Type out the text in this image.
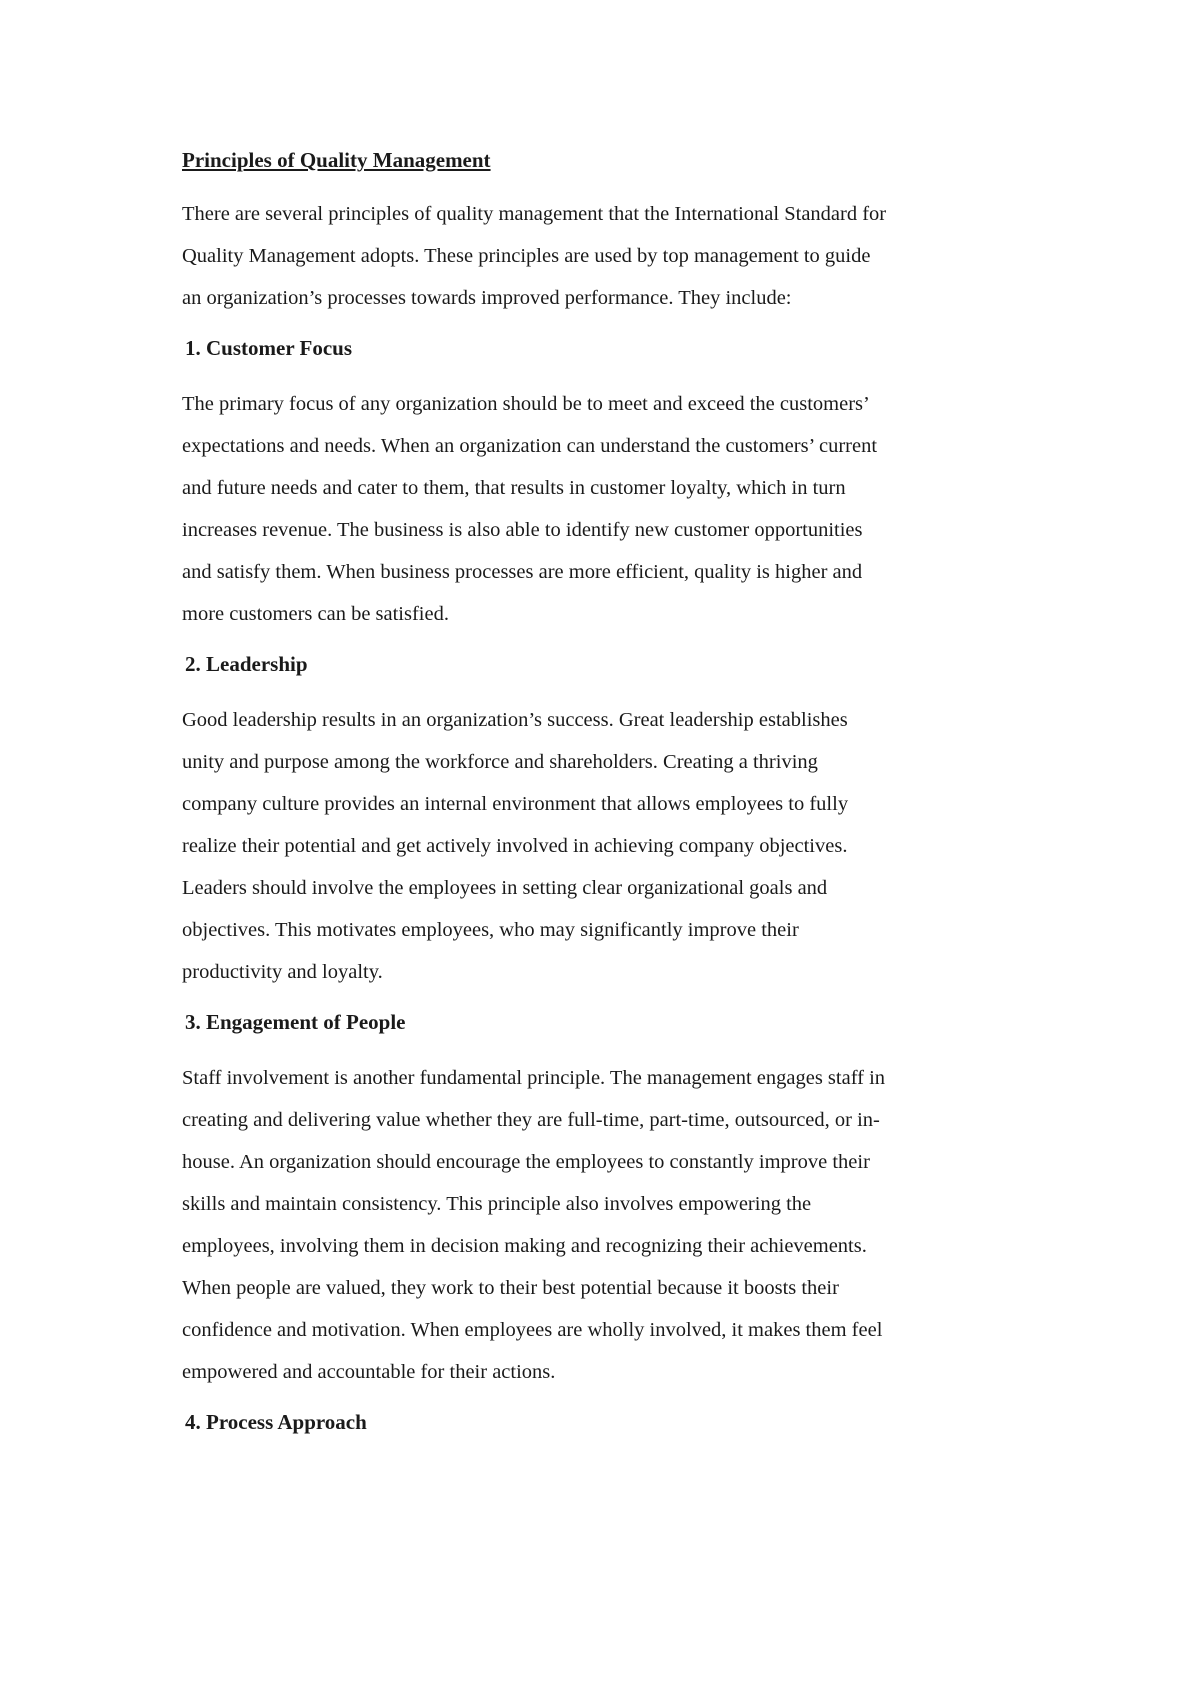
Principles of Quality Management
There are several principles of quality management that the International Standard for
Quality Management adopts. These principles are used by top management to guide
an organization’s processes towards improved performance. They include:
1. Customer Focus
The primary focus of any organization should be to meet and exceed the customers’
expectations and needs. When an organization can understand the customers’ current
and future needs and cater to them, that results in customer loyalty, which in turn
increases revenue. The business is also able to identify new customer opportunities
and satisfy them. When business processes are more efficient, quality is higher and
more customers can be satisfied.
2. Leadership
Good leadership results in an organization’s success. Great leadership establishes
unity and purpose among the workforce and shareholders. Creating a thriving
company culture provides an internal environment that allows employees to fully
realize their potential and get actively involved in achieving company objectives.
Leaders should involve the employees in setting clear organizational goals and
objectives. This motivates employees, who may significantly improve their
productivity and loyalty.
3. Engagement of People
Staff involvement is another fundamental principle. The management engages staff in
creating and delivering value whether they are full-time, part-time, outsourced, or in-
house. An organization should encourage the employees to constantly improve their
skills and maintain consistency. This principle also involves empowering the
employees, involving them in decision making and recognizing their achievements.
When people are valued, they work to their best potential because it boosts their
confidence and motivation. When employees are wholly involved, it makes them feel
empowered and accountable for their actions.
4. Process Approach
